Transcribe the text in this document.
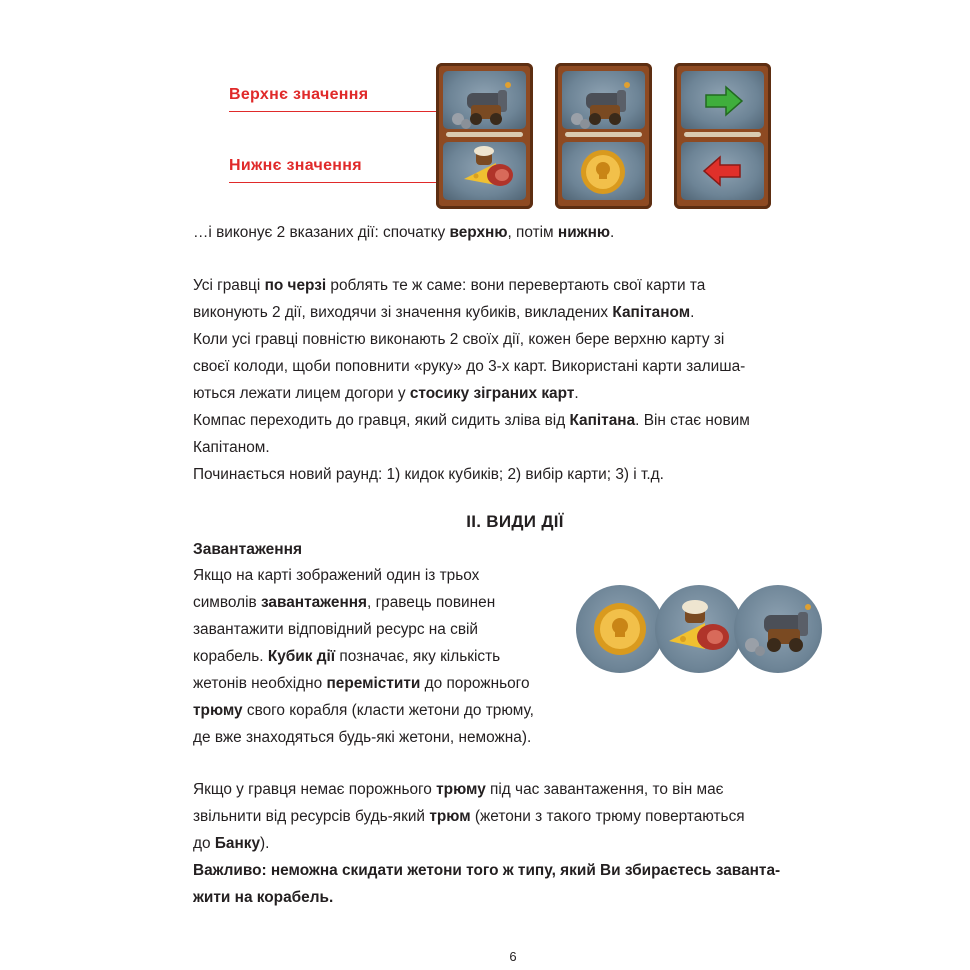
Верхнє значення
Нижнє значення
…і виконує 2 вказаних дії: спочатку верхню, потім нижню.
Усі гравці по черзі роблять те ж саме: вони перевертають свої карти та
виконують 2 дії, виходячи зі значення кубиків, викладених Капітаном.
Коли усі гравці повністю виконають 2 своїх дії, кожен бере верхню карту зі
своєї колоди, щоби поповнити «руку» до 3-х карт. Використані карти залиша-
ються лежати лицем догори у стосику зіграних карт.
Компас переходить до гравця, який сидить зліва від Капітана. Він стає новим
Капітаном.
Починається новий раунд: 1) кидок кубиків; 2) вибір карти; 3) і т.д.
II. ВИДИ ДІЇ
Завантаження
Якщо на карті зображений один із трьох
символів завантаження, гравець повинен
завантажити відповідний ресурс на свій
корабель. Кубик дії позначає, яку кількість
жетонів необхідно перемістити до порожнього
трюму свого корабля (класти жетони до трюму,
де вже знаходяться будь-які жетони, неможна).
Якщо у гравця немає порожнього трюму під час завантаження, то він має
звільнити від ресурсів будь-який трюм (жетони з такого трюму повертаються
до Банку).
Важливо: неможна скидати жетони того ж типу, який Ви збираєтесь заванта-
жити на корабель.
6
